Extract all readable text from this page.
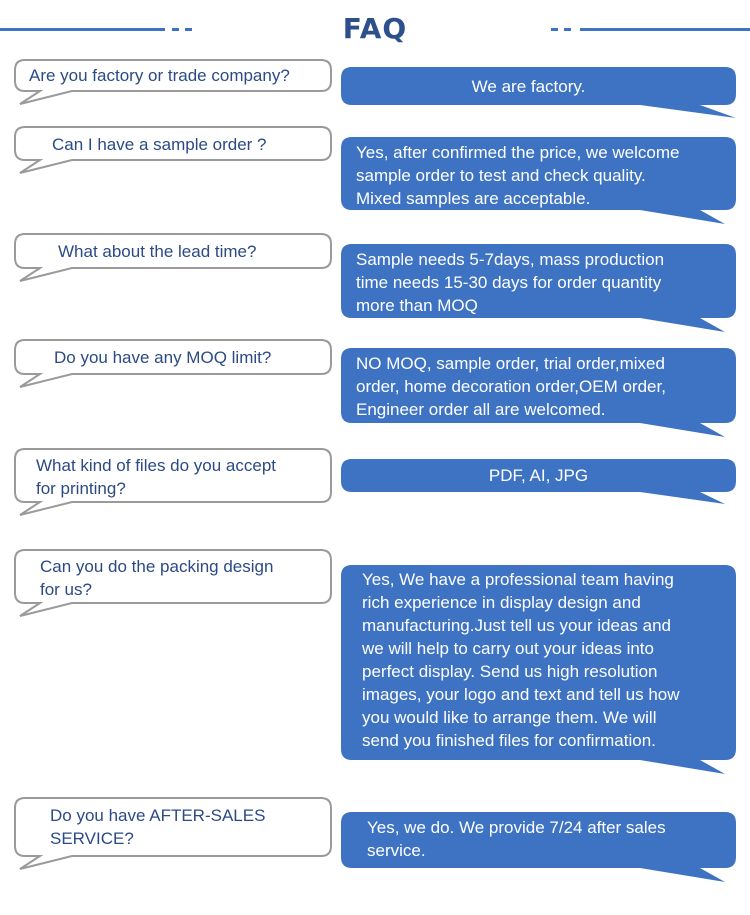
FAQ
Are you factory or trade company?
We are factory.
Can I have a sample order ?	Yes, after confirmed the price, we welcome
sample order to test and check quality.
Mixed samples are acceptable.
What about the lead time?	Sample needs 5-7days, mass production
time needs 15-30 days for order quantity
more than MOQ
Do you have any MOQ limit?	NO MOQ, sample order, trial order,mixed
order, home decoration order,OEM order,
Engineer order all are welcomed.
What kind of files do you accept
for printing?
PDF, AI, JPG
Can you do the packing design
for us?
Yes, We have a professional team having
rich experience in display design and
manufacturing.Just tell us your ideas and
we will help to carry out your ideas into
perfect display. Send us high resolution
images, your logo and text and tell us how
you would like to arrange them. We will
send you finished files for confirmation.
Do you have AFTER-SALES
SERVICE?
Yes, we do. We provide 7/24 after sales
service.
